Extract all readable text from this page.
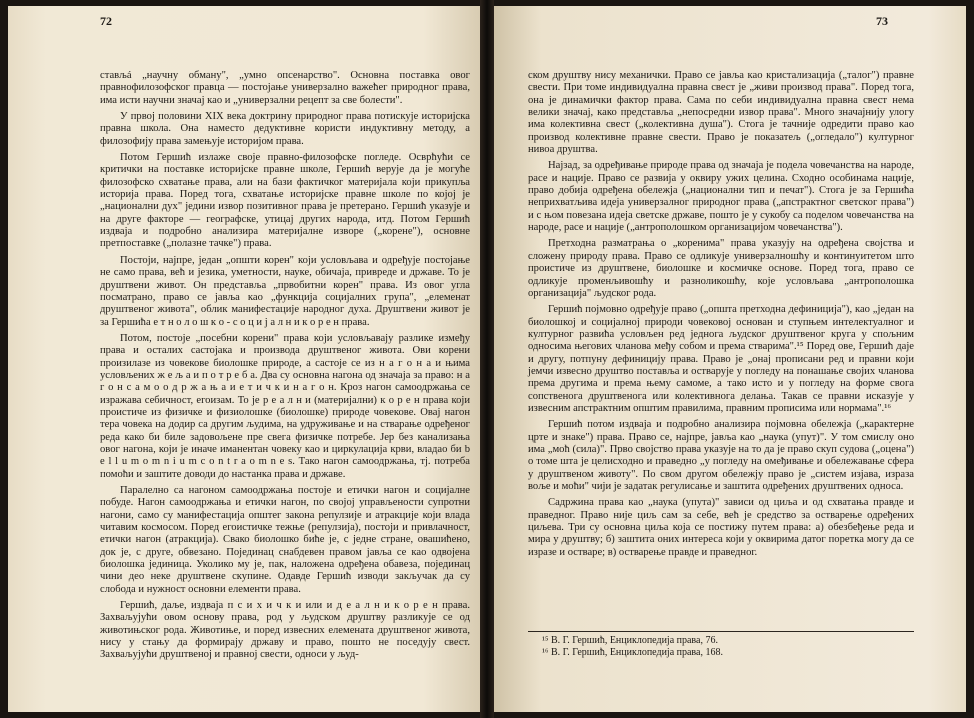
72

стављá „научну обману", „умно опсенарство". Основна поставка овог правнофилозофског правца — постојање универзално важећег природног права, има исти научни значај као и „универзални рецепт за све болести".

У првој половини XIX века доктрину природног права потискује историјска правна школа. Она наместо дедуктивне користи индуктивну методу, а филозофију права замењује историјом права.

Потом Гершић излаже своје правно-филозофске погледе. Осврћући се критички на поставке историјске правне школе, Гершић верује да је могуће филозофско схватање права, али на бази фактичког материјала који прикупља историја права. Поред тога, схватање историјске правне школе по којој је „национални дух" једини извор позитивног права је претерано. Гершић указује и на друге факторе — географске, утицај других народа, итд. Потом Гершић издваја и подробно анализира материјалне изворе („корене"), основне претпоставке („полазне тачке") права.

Постоји, најпре, један „општи корен" који условљава и одређује постојање не само права, већ и језика, уметности, науке, обичаја, привреде и државе. То је друштвени живот. Он представља „првобитни корен" права. Из овог угла посматрано, право се јавља као „функција социјалних група", „елеменат друштвеног живота", облик манифестације народног духа. Друштвени живот је за Гершића е т н о л о ш к о - с о ц и ј а л н и к о р е н права.

Потом, постоје „посебни корени" права који условљавају разлике између права и осталих састојака и производа друштвеног живота. Ови корени произилазе из човекове биолошке природе, а састоје се из н а г о н а и њима условљених ж е љ а и п о т р е б а. Два су основна нагона од значаја за право: н а г о н с а м о о д р ж а њ а и е т и ч к и н а г о н. Кроз нагон самоодржања се изражава себичност, егоизам. То је р е а л н и (материјални) к о р е н права који проистиче из физичке и физиолошке (биолошке) природе човекове. Овај нагон тера човека на додир са другим људима, на удруживање и на стварање одређеног реда како би биле задовољене пре свега физичке потребе. Јер без канализања овог нагона, који је иначе иманентан човеку као и циркулација крви, владао би b e l l u m o m n i u m c o n t r a o m n e s. Тако нагон самоодржања, тј. потреба помоћи и заштите доводи до настанка права и државе.

Паралелно са нагоном самоодржања постоје и етички нагон и социјалне побуде. Нагон самоодржања и етички нагон, по својој управљености супротни нагони, само су манифестација општег закона репулзије и атракције који влада читавим космосом. Поред егоистичке тежње (репулзија), постоји и привлачност, етички нагон (атракција). Свако биолошко биће је, с једне стране, овашићено, док је, с друге, обвезано. Појединац снабдевен правом јавља се као одвојена биолошка јединица. Уколико му је, пак, наложена одређена обавеза, појединац чини део неке друштвене скупине. Одавде Гершић изводи закључак да су слобода и нужност основни елементи права.

Гершић, даље, издваја п с и х и ч к и или и д е а л н и к о р е н права. Захваљујући овом основу права, род у људском друштву разликује се од животињског рода. Животиње, и поред извесних елемената друштвеног живота, нису у стању да формирају државу и право, пошто не поседују свест. Захваљујући друштвеној и правној свести, односи у људ-

73

ском друштву нису механички. Право се јавља као кристализација („талог") правне свести. При томе индивидуална правна свест је „живи производ права". Поред тога, она је динамички фактор права. Сама по себи индивидуална правна свест нема велики значај, како представља „непосредни извор права". Много значајнију улогу има колективна свест („колективна душа"). Стога је тачније одредити право као производ колективне правне свести. Право је показатељ („огледало") културног нивоа друштва.

Најзад, за одређивање природе права од значаја је подела човечанства на народе, расе и нације. Право се развија у оквиру ужих целина. Сходно особинама нације, право добија одређена обележја („национални тип и печат"). Стога је за Гершића неприхватљива идеја универзалног природног права („апстрактног светског права") и с њом повезана идеја светске државе, пошто је у сукобу са поделом човечанства на народе, расе и нације („антрополошком организацијом човечанства").

Претходна разматрања о „коренима" права указују на одређена својства и сложену природу права. Право се одликује универзалношћу и континуитетом што проистиче из друштвене, биолошке и космичке основе. Поред тога, право се одликује променљивошћу и разноликошћу, које условљава „антрополошка организација" људског рода.

Гершић појмовно одређује право („општа претходна дефиниција"), као „један на биолошкој и социјалној природи човековој основан и ступњем интелектуалног и културног развића условљен ред једнога људског друштвеног круга у спољним односима његових чланова међу собом и према стварима".¹⁵ Поред ове, Гершић даје и другу, потпуну дефиницију права. Право је „онај прописани ред и правни који јемчи извесно друштво поставља и остварује у погледу на понашање својих чланова према другима и према њему самоме, а тако исто и у погледу на форме свога сопственога друштвенога или колективнога делања. Такав се правни исказује у извесним апстрактним општим правилима, правним прописима или нормама".¹⁶

Гершић потом издваја и подробно анализира појмовна обележја („карактерне црте и знаке") права. Право се, најпре, јавља као „наука (упут)". У том смислу оно има „моћ (сила)". Прво својство права указује на то да је право скуп судова („оцена") о томе шта је целисходно и праведно „у погледу на омеђивање и обележавање сфера у друштвеном животу". По свом другом обележју право је „систем изјава, израза воље и моћи" чији је задатак регулисање и заштита одређених друштвених односа.

Садржина права као „наука (упута)" зависи од циља и од схватања правде и праведног. Право није циљ сам за себе, већ је средство за остварење одређених циљева. Три су основна циља која се постижу путем права: а) обезбеђење реда и мира у друштву; б) заштита оних интереса који у оквирима датог поретка могу да се изразе и остваре; в) остварење правде и праведног.

¹⁵ В. Г. Гершић, Енциклопедија права, 76.
¹⁶ В. Г. Гершић, Енциклопедија права, 168.
